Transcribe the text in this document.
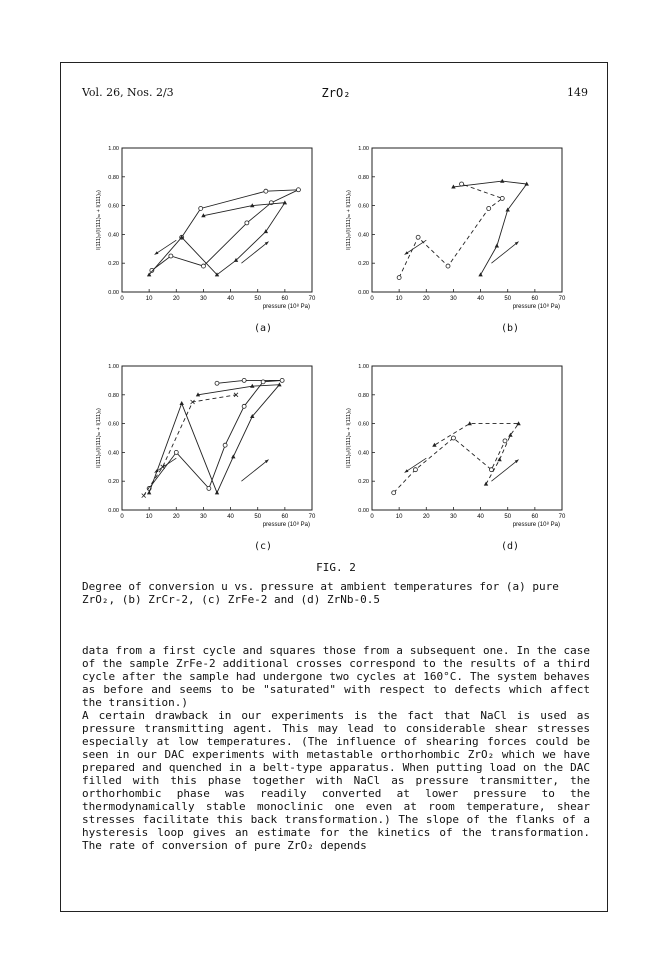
Vol. 26, Nos. 2/3	ZrO₂	149
0	10	20	30	40	50	60	70
0.00
0.20
0.40
0.60
0.80
1.00
pressure (10⁸ Pa)
I(111)ₒ/(I(111)ₘ + I(111)ₒ)
0	10	20	30	40	50	60	70
0.00
0.20
0.40
0.60
0.80
1.00
pressure (10⁸ Pa)
I(111)ₒ/(I(111)ₘ + I(111)ₒ)
0	10	20	30	40	50	60	70
0.00
0.20
0.40
0.60
0.80
1.00
pressure (10⁸ Pa)
I(111)ₒ/(I(111)ₘ + I(111)ₒ)
0	10	20	30	40	50	60	70
0.00
0.20
0.40
0.60
0.80
1.00
pressure (10⁸ Pa)
I(111)ₒ/(I(111)ₘ + I(111)ₒ)
(a)	(b)
(c)	(d)
FIG. 2
Degree of conversion u vs. pressure at ambient temperatures for (a) pure ZrO₂, (b) ZrCr-2, (c) ZrFe-2 and (d) ZrNb-0.5

data from a first cycle and squares those from a subsequent one. In the case of the sample ZrFe-2 additional crosses correspond to the results of a third cycle after the sample had undergone two cycles at 160°C. The system behaves as before and seems to be "saturated" with respect to defects which affect the transition.)

A certain drawback in our experiments is the fact that NaCl is used as pressure transmitting agent. This may lead to considerable shear stresses especially at low temperatures. (The influence of shearing forces could be seen in our DAC experiments with metastable orthorhombic ZrO₂ which we have prepared and quenched in a belt-type apparatus. When putting load on the DAC filled with this phase together with NaCl as pressure transmitter, the orthorhombic phase was readily converted at lower pressure to the thermodynamically stable monoclinic one even at room temperature, shear stresses facilitate this back transformation.) The slope of the flanks of a hysteresis loop gives an estimate for the kinetics of the transformation. The rate of conversion of pure ZrO₂ depends
